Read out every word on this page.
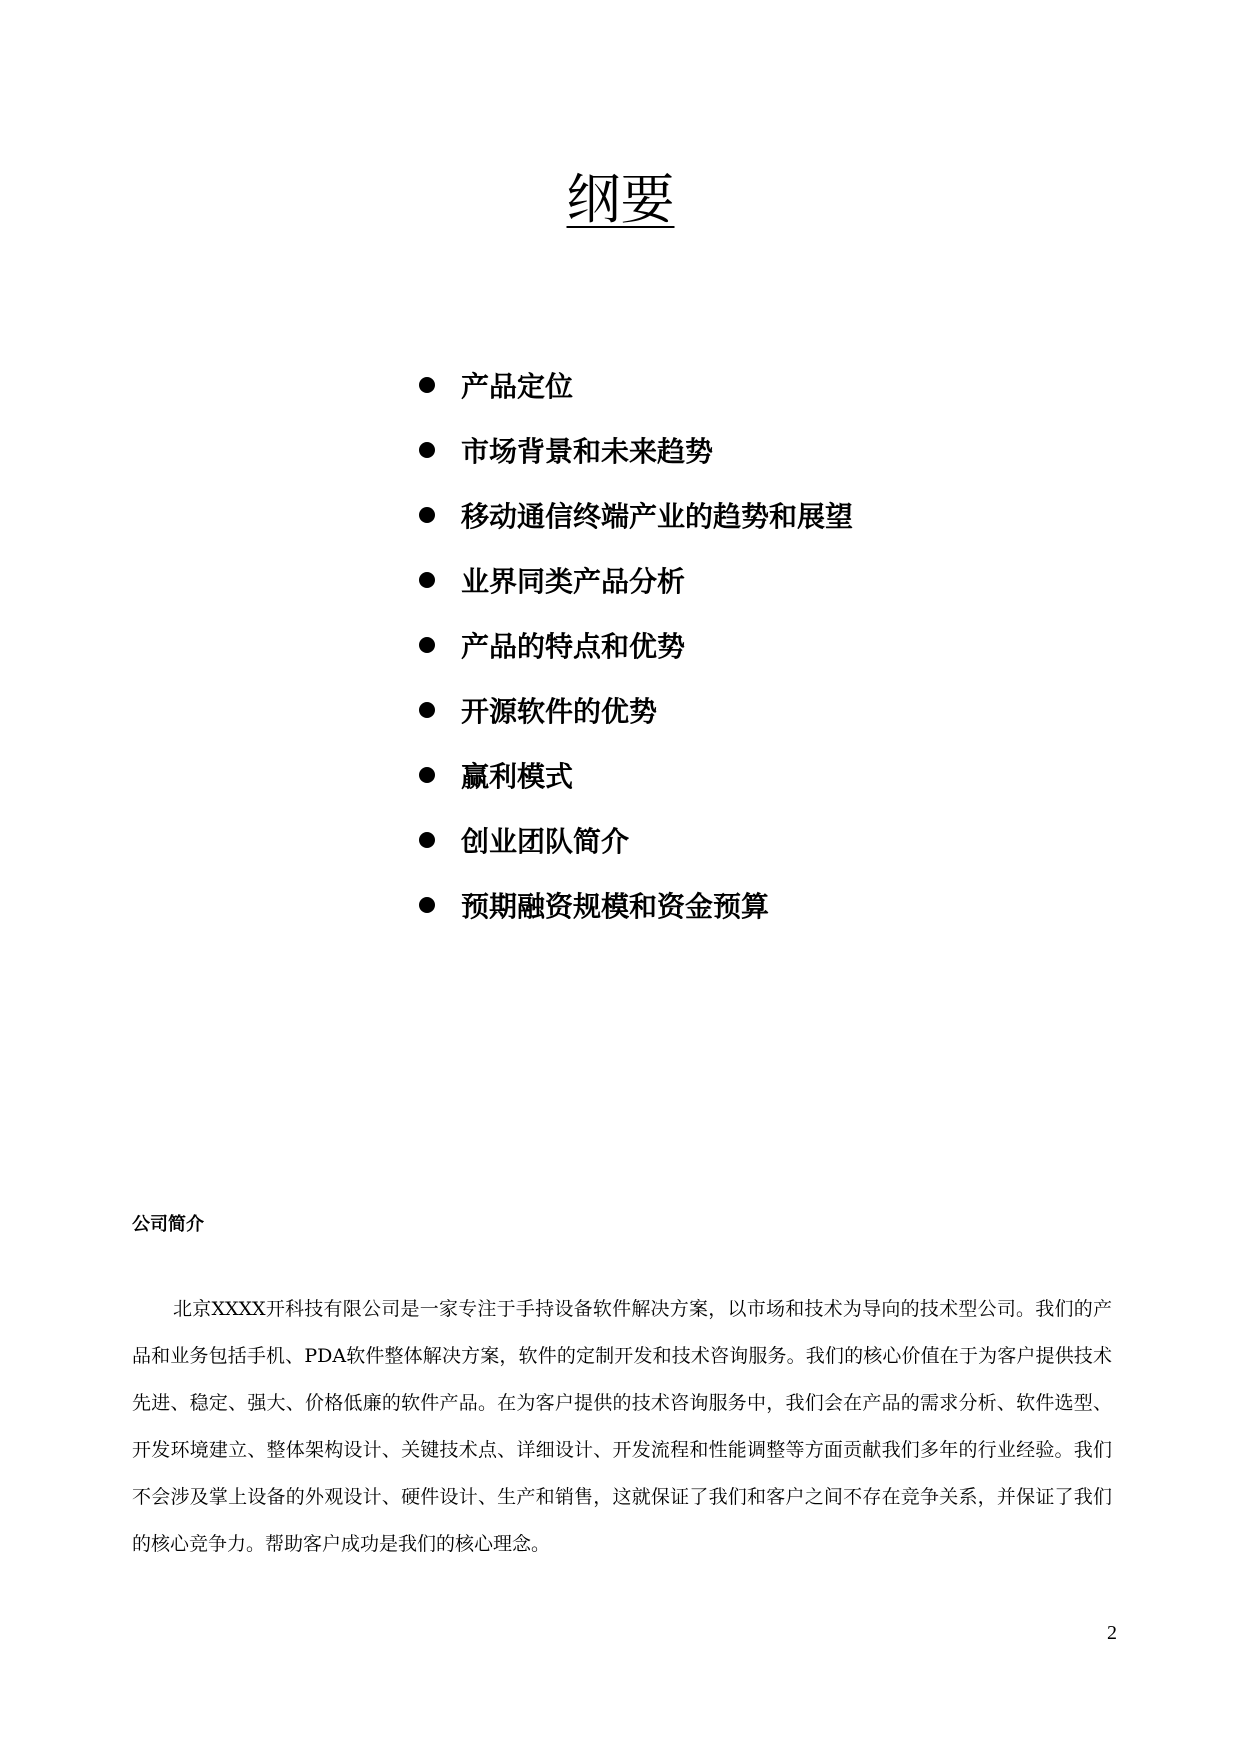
纲要
产品定位
市场背景和未来趋势
移动通信终端产业的趋势和展望
业界同类产品分析
产品的特点和优势
开源软件的优势
赢利模式
创业团队简介
预期融资规模和资金预算
公司简介

北京XXXX开科技有限公司是一家专注于手持设备软件解决方案，以市场和技术为导向的技术型公司。我们的产品和业务包括手机、PDA软件整体解决方案，软件的定制开发和技术咨询服务。我们的核心价值在于为客户提供技术先进、稳定、强大、价格低廉的软件产品。在为客户提供的技术咨询服务中，我们会在产品的需求分析、软件选型、开发环境建立、整体架构设计、关键技术点、详细设计、开发流程和性能调整等方面贡献我们多年的行业经验。我们不会涉及掌上设备的外观设计、硬件设计、生产和销售，这就保证了我们和客户之间不存在竞争关系，并保证了我们的核心竞争力。帮助客户成功是我们的核心理念。

2
